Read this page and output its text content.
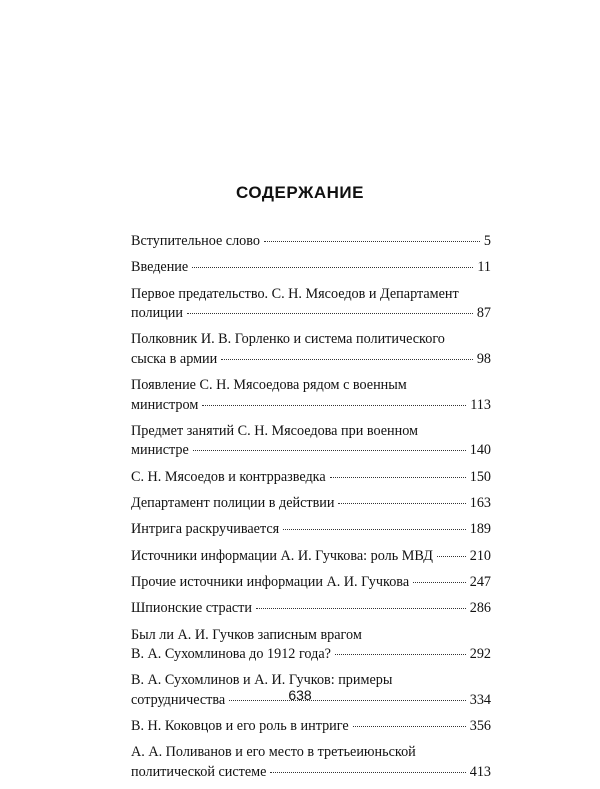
СОДЕРЖАНИЕ
Вступительное слово	5
Введение	11
Первое предательство. С. Н. Мясоедов и Департамент
полиции	87
Полковник И. В. Горленко и система политического
сыска в армии	98
Появление С. Н. Мясоедова рядом с военным
министром	113
Предмет занятий С. Н. Мясоедова при военном
министре	140
С. Н. Мясоедов и контрразведка	150
Департамент полиции в действии	163
Интрига раскручивается	189
Источники информации А. И. Гучкова: роль МВД	210
Прочие источники информации А. И. Гучкова	247
Шпионские страсти	286
Был ли А. И. Гучков записным врагом
В. А. Сухомлинова до 1912 года?	292
В. А. Сухомлинов и А. И. Гучков: примеры
сотрудничества	334
В. Н. Коковцов и его роль в интриге	356
А. А. Поливанов и его место в третьеиюньской
политической системе	413
638
